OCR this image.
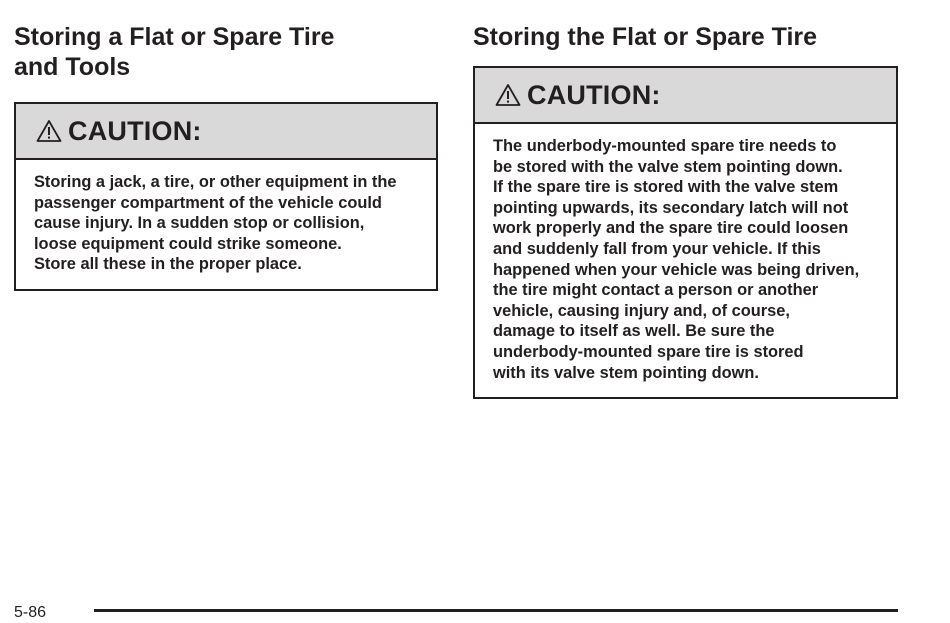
Storing a Flat or Spare Tire
and Tools
CAUTION:
Storing a jack, a tire, or other equipment in the
passenger compartment of the vehicle could
cause injury. In a sudden stop or collision,
loose equipment could strike someone.
Store all these in the proper place.
Storing the Flat or Spare Tire
CAUTION:
The underbody-mounted spare tire needs to
be stored with the valve stem pointing down.
If the spare tire is stored with the valve stem
pointing upwards, its secondary latch will not
work properly and the spare tire could loosen
and suddenly fall from your vehicle. If this
happened when your vehicle was being driven,
the tire might contact a person or another
vehicle, causing injury and, of course,
damage to itself as well. Be sure the
underbody-mounted spare tire is stored
with its valve stem pointing down.
5-86
